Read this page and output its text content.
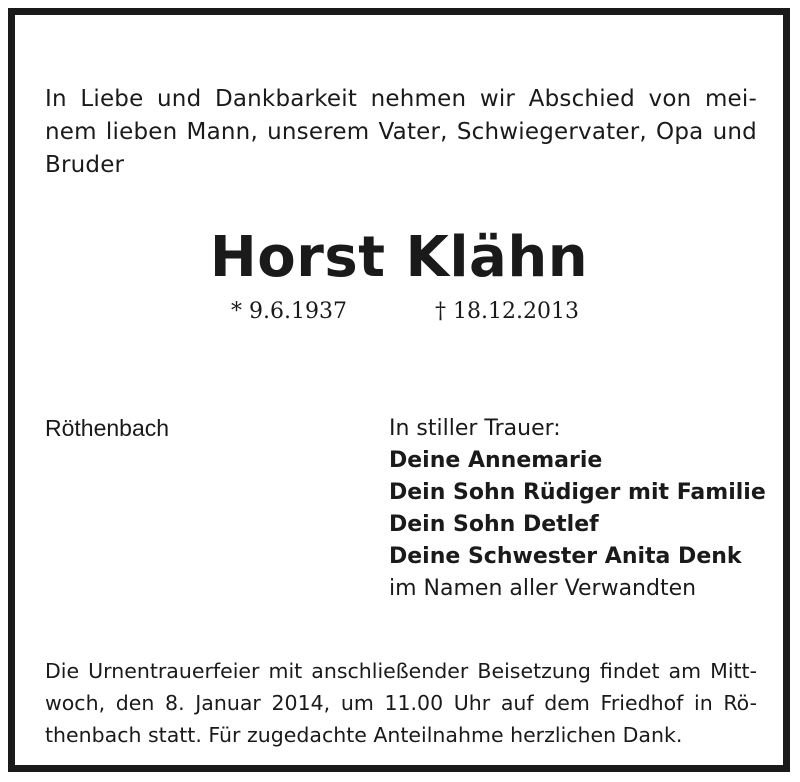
In Liebe und Dankbarkeit nehmen wir Abschied von mei-
nem lieben Mann, unserem Vater, Schwiegervater, Opa und
Bruder
Horst Klähn
* 9.6.1937	† 18.12.2013
Röthenbach	In stiller Trauer:
Deine Annemarie
Dein Sohn Rüdiger mit Familie
Dein Sohn Detlef
Deine Schwester Anita Denk
im Namen aller Verwandten
Die Urnentrauerfeier mit anschließender Beisetzung findet am Mitt-
woch, den 8. Januar 2014, um 11.00 Uhr auf dem Friedhof in Rö-
thenbach statt. Für zugedachte Anteilnahme herzlichen Dank.
